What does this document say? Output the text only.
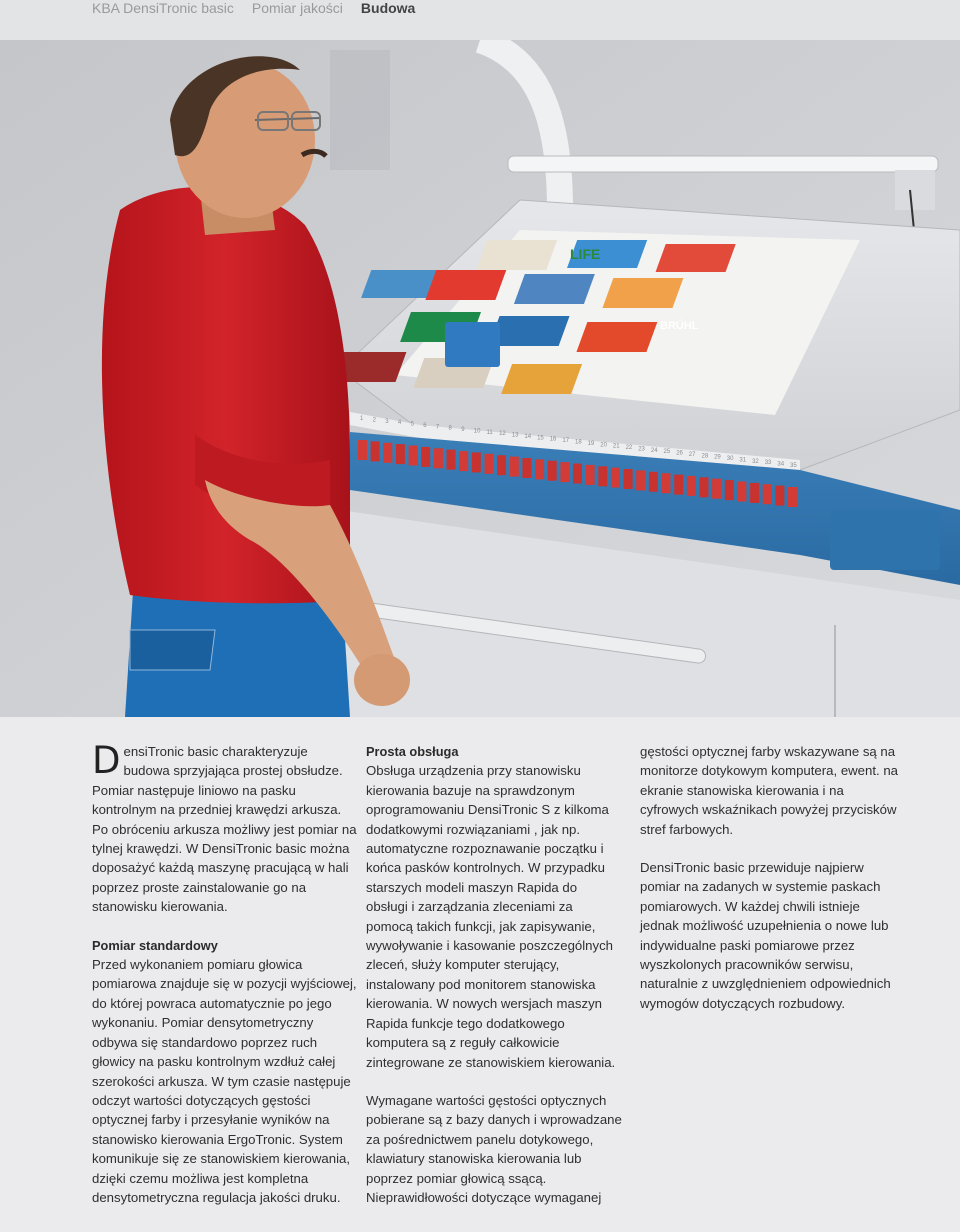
KBA DensiTronic basic Pomiar jakości Budowa
LIFE
BRÜHL
1 2 3 4 5 6 7 8 9 10 11 12 13 14 15 16 17 18 19 20 21 22 23 24 25 26 27 28 29 30 31 32 33 34 35

DensiTronic basic charakteryzuje budowa sprzyjająca prostej obsłudze. Pomiar następuje liniowo na pasku kontrolnym na przedniej krawędzi arkusza. Po obróceniu arkusza możliwy jest pomiar na tylnej krawędzi. W DensiTronic basic można doposażyć każdą maszynę pracującą w hali poprzez proste zainstalowanie go na stanowisku kierowania.

Pomiar standardowy

Przed wykonaniem pomiaru głowica pomiarowa znajduje się w pozycji wyjściowej, do której powraca automatycznie po jego wykonaniu. Pomiar densytometryczny odbywa się standardowo poprzez ruch głowicy na pasku kontrolnym wzdłuż całej szerokości arkusza. W tym czasie następuje odczyt wartości dotyczących gęstości optycznej farby i przesyłanie wyników na stanowisko kierowania ErgoTronic. System komunikuje się ze stanowiskiem kierowania, dzięki czemu możliwa jest kompletna densytometryczna regulacja jakości druku.

Prosta obsługa

Obsługa urządzenia przy stanowisku kierowania bazuje na sprawdzonym oprogramowaniu DensiTronic S z kilkoma dodatkowymi rozwiązaniami , jak np. automatyczne rozpoznawanie początku i końca pasków kontrolnych. W przypadku starszych modeli maszyn Rapida do obsługi i zarządzania zleceniami za pomocą takich funkcji, jak zapisywanie, wywoływanie i kasowanie poszczególnych zleceń, służy komputer sterujący, instalowany pod monitorem stanowiska kierowania. W nowych wersjach maszyn Rapida funkcje tego dodatkowego komputera są z reguły całkowicie zintegrowane ze stanowiskiem kierowania.

Wymagane wartości gęstości optycznych pobierane są z bazy danych i wprowadzane za pośrednictwem panelu dotykowego, klawiatury stanowiska kierowania lub poprzez pomiar głowicą ssącą. Nieprawidłowości dotyczące wymaganej

gęstości optycznej farby wskazywane są na monitorze dotykowym komputera, ewent. na ekranie stanowiska kierowania i na cyfrowych wskaźnikach powyżej przycisków stref farbowych.

DensiTronic basic przewiduje najpierw pomiar na zadanych w systemie paskach pomiarowych. W każdej chwili istnieje jednak możliwość uzupełnienia o nowe lub indywidualne paski pomiarowe przez wyszkolonych pracowników serwisu, naturalnie z uwzględnieniem odpowiednich wymogów dotyczących rozbudowy.
